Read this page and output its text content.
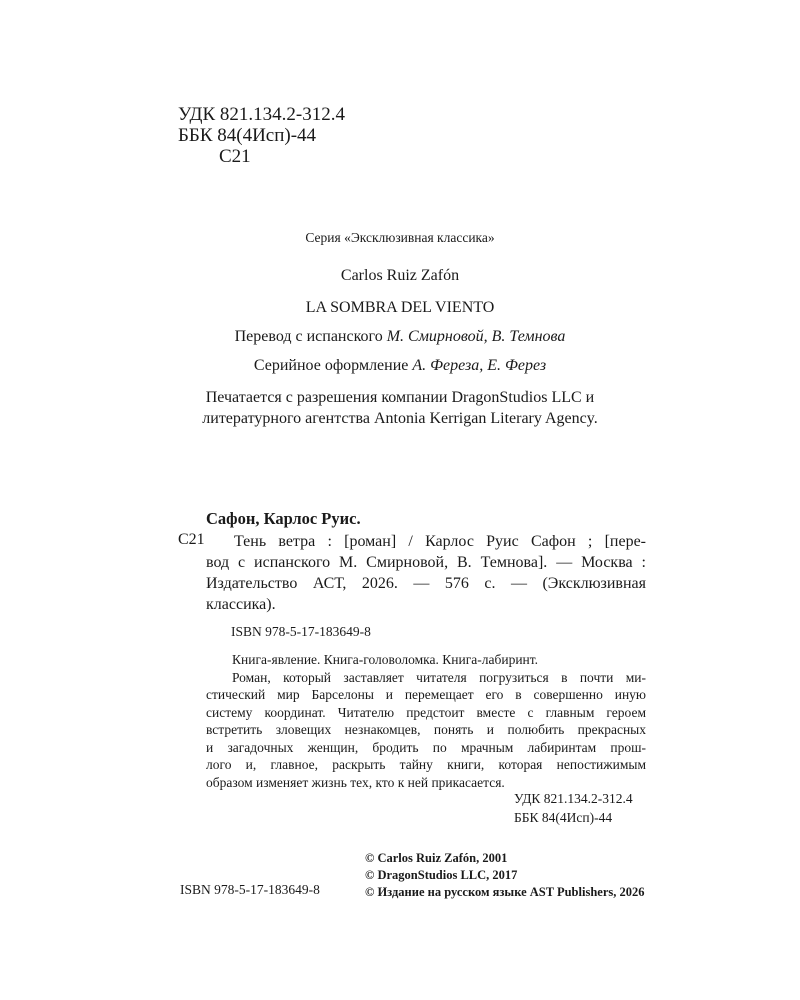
УДК 821.134.2-312.4
ББК 84(4Исп)-44
С21
Серия «Эксклюзивная классика»
Carlos Ruiz Zafón
LA SOMBRA DEL VIENTO
Перевод с испанского М. Смирновой, В. Темнова
Серийное оформление А. Фереза, Е. Ферез
Печатается с разрешения компании DragonStudios LLC и
литературного агентства Antonia Kerrigan Literary Agency.
Сафон, Карлос Руис.
С21	Тень ветра : [роман] / Карлос Руис Сафон ; [пере-
вод с испанского М. Смирновой, В. Темнова]. — Москва :
Издательство АСТ, 2026. — 576 с. — (Эксклюзивная
классика).
ISBN 978-5-17-183649-8
Книга-явление. Книга-головоломка. Книга-лабиринт.
Роман, который заставляет читателя погрузиться в почти ми-
стический мир Барселоны и перемещает его в совершенно иную
систему координат. Читателю предстоит вместе с главным героем
встретить зловещих незнакомцев, понять и полюбить прекрасных
и загадочных женщин, бродить по мрачным лабиринтам прош-
лого и, главное, раскрыть тайну книги, которая непостижимым
образом изменяет жизнь тех, кто к ней прикасается.
УДК 821.134.2-312.4
ББК 84(4Исп)-44
© Carlos Ruiz Zafón, 2001
© DragonStudios LLC, 2017
© Издание на русском языке AST Publishers, 2026
ISBN 978-5-17-183649-8
